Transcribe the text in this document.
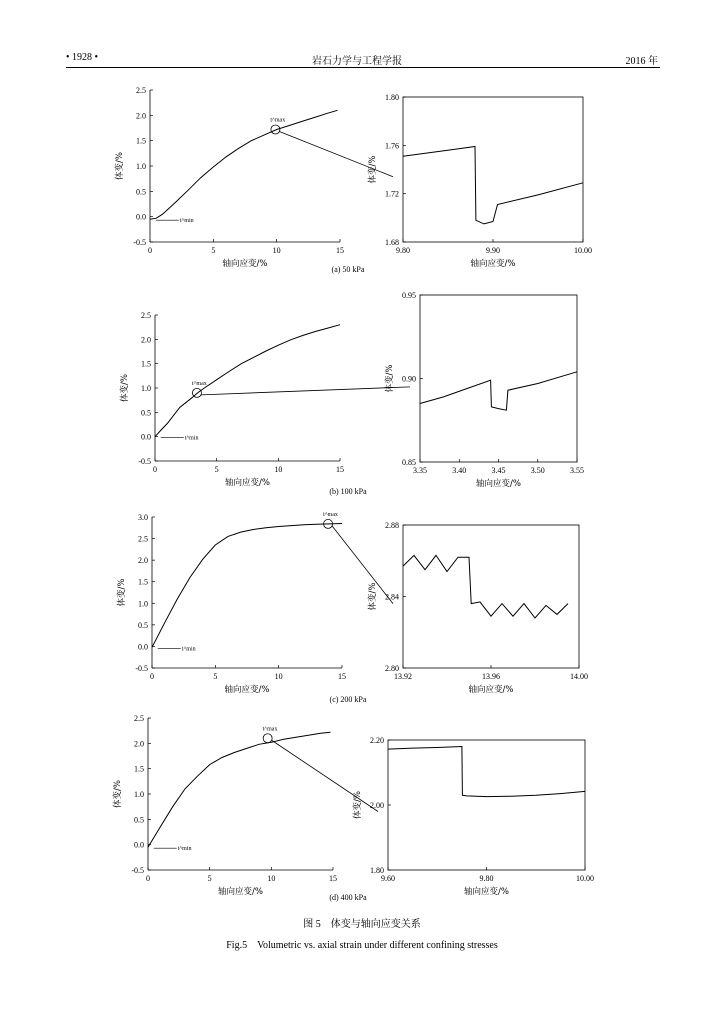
• 1928 •	岩石力学与工程学报	2016 年
0	5	10	15
-0.5
0.0
0.5
1.0
1.5
2.0
2.5
轴向应变/%
体变/%
t^max
t^min
(a) 50 kPa
9.80	9.90	10.00
1.68
1.72
1.76
1.80
轴向应变/%
体变/%
0	5	10	15
-0.5
0.0
0.5
1.0
1.5
2.0
2.5
轴向应变/%
体变/%	t^max
t^min
(b) 100 kPa
3.35	3.40	3.45	3.50	3.55
0.85
0.90
0.95
轴向应变/%
体变/%
0	5	10	15
-0.5
0.0
0.5
1.0
1.5
2.0
2.5
3.0
轴向应变/%
体变/%
t^max
t^min
(c) 200 kPa
13.92	13.96	14.00
2.80
2.84
2.88
轴向应变/%
体变/%
0	5	10	15
-0.5
0.0
0.5
1.0
1.5
2.0
2.5
轴向应变/%
体变/%
t^max
t^min
(d) 400 kPa
9.60	9.80	10.00
1.80
2.00
2.20
轴向应变/%
体变/%
图 5　体变与轴向应变关系
Fig.5　Volumetric vs. axial strain under different confining stresses
